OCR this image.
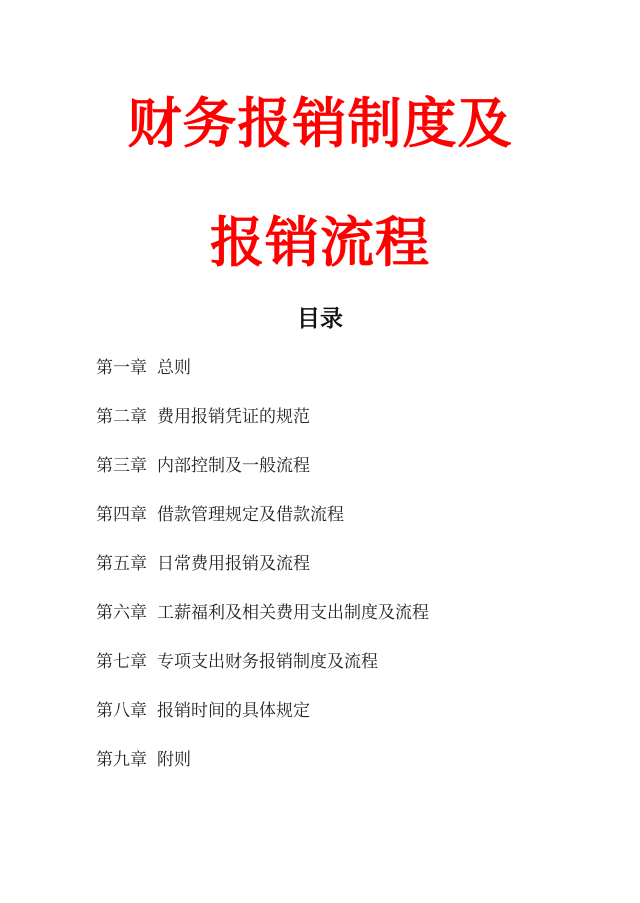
财务报销制度及
报销流程
目录
第一章 总则
第二章 费用报销凭证的规范
第三章 内部控制及一般流程
第四章 借款管理规定及借款流程
第五章 日常费用报销及流程
第六章 工薪福利及相关费用支出制度及流程
第七章 专项支出财务报销制度及流程
第八章 报销时间的具体规定
第九章 附则
